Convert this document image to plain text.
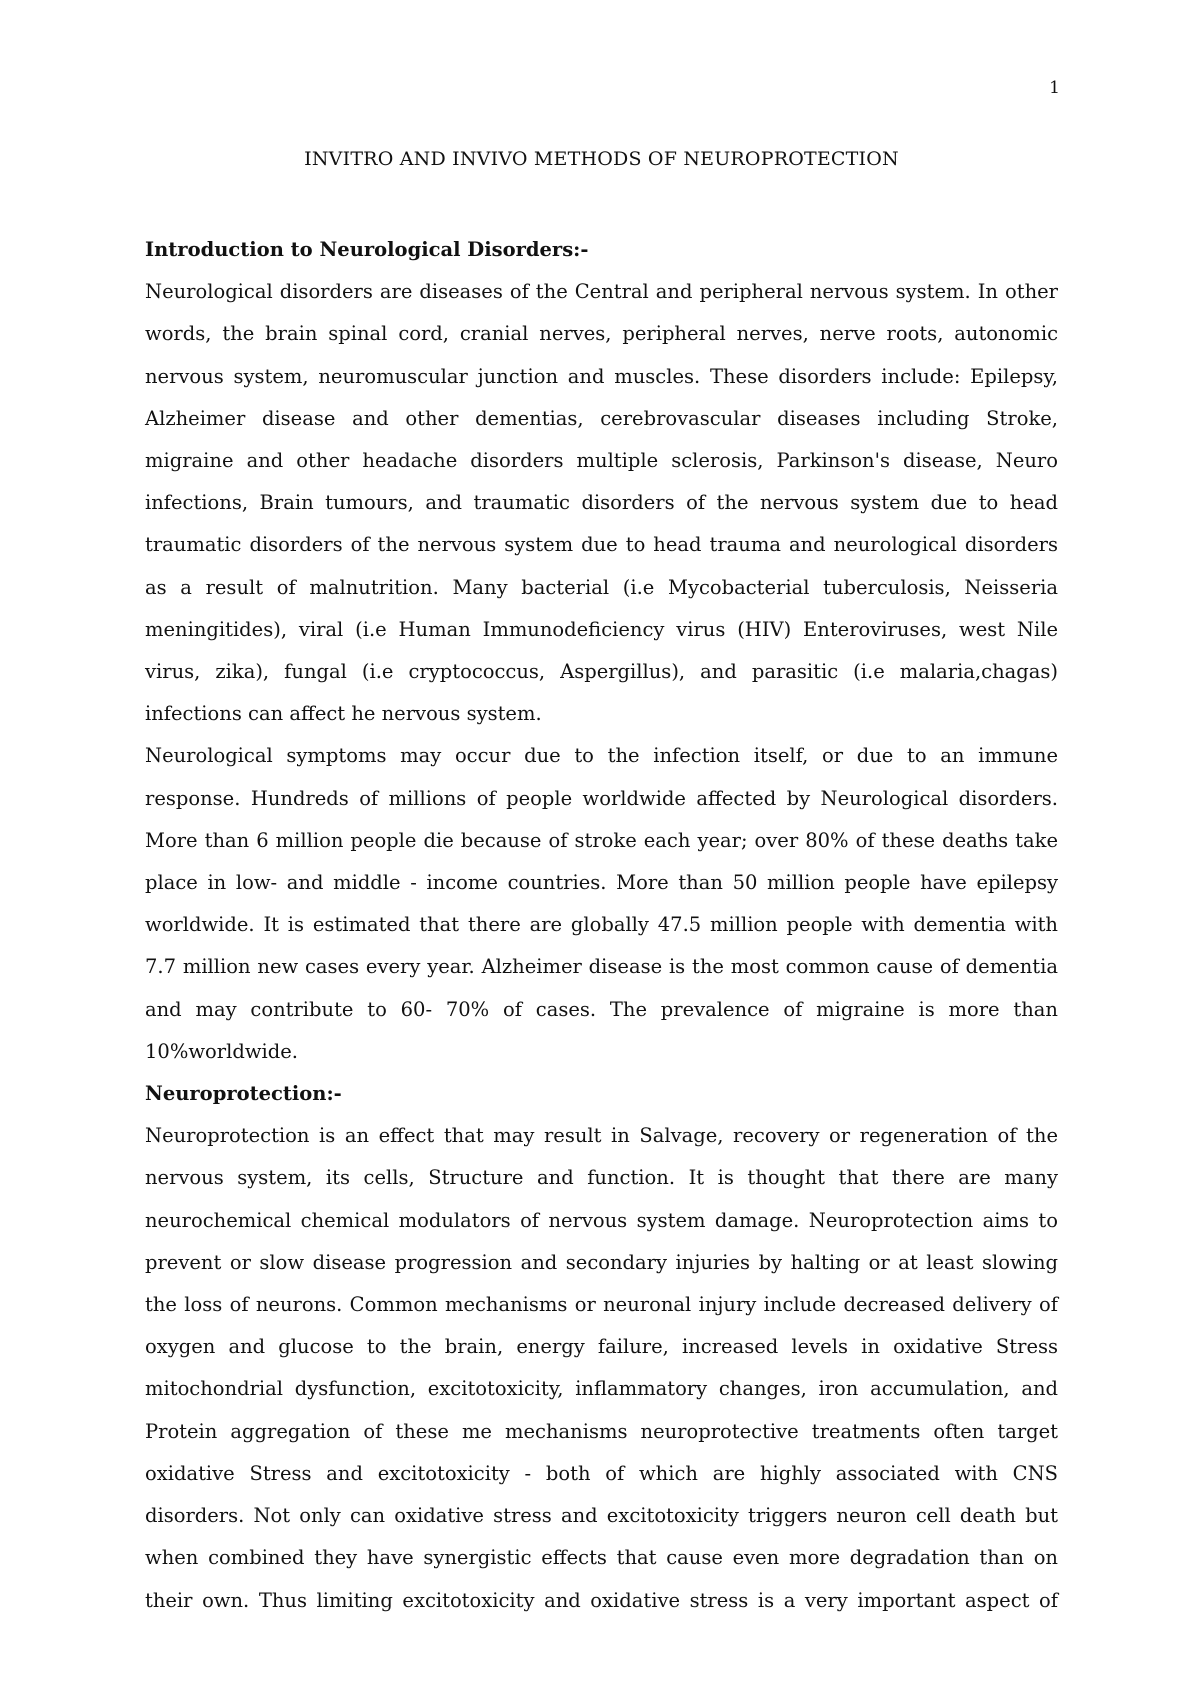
1
INVITRO AND INVIVO METHODS OF NEUROPROTECTION

Introduction to Neurological Disorders:-

Neurological disorders are diseases of the Central and peripheral nervous system. In other words, the brain spinal cord, cranial nerves, peripheral nerves, nerve roots, autonomic nervous system, neuromuscular junction and muscles. These disorders include: Epilepsy, Alzheimer disease and other dementias, cerebrovascular diseases including Stroke, migraine and other headache disorders multiple sclerosis, Parkinson's disease, Neuro infections, Brain tumours, and traumatic disorders of the nervous system due to head traumatic disorders of the nervous system due to head trauma and neurological disorders as a result of malnutrition. Many bacterial (i.e Mycobacterial tuberculosis, Neisseria meningitides), viral (i.e Human Immunodeficiency virus (HIV) Enteroviruses, west Nile virus, zika), fungal (i.e cryptococcus, Aspergillus), and parasitic (i.e malaria,chagas) infections can affect he nervous system.

Neurological symptoms may occur due to the infection itself, or due to an immune response. Hundreds of millions of people worldwide affected by Neurological disorders. More than 6 million people die because of stroke each year; over 80% of these deaths take place in low- and middle - income countries. More than 50 million people have epilepsy worldwide. It is estimated that there are globally 47.5 million people with dementia with 7.7 million new cases every year. Alzheimer disease is the most common cause of dementia and may contribute to 60- 70% of cases. The prevalence of migraine is more than 10%worldwide.

Neuroprotection:-

Neuroprotection is an effect that may result in Salvage, recovery or regeneration of the nervous system, its cells, Structure and function. It is thought that there are many neurochemical chemical modulators of nervous system damage. Neuroprotection aims to prevent or slow disease progression and secondary injuries by halting or at least slowing the loss of neurons. Common mechanisms or neuronal injury include decreased delivery of oxygen and glucose to the brain, energy failure, increased levels in oxidative Stress mitochondrial dysfunction, excitotoxicity, inflammatory changes, iron accumulation, and Protein aggregation of these me mechanisms neuroprotective treatments often target oxidative Stress and excitotoxicity - both of which are highly associated with CNS disorders. Not only can oxidative stress and excitotoxicity triggers neuron cell death but when combined they have synergistic effects that cause even more degradation than on their own. Thus limiting excitotoxicity and oxidative stress is a very important aspect of
